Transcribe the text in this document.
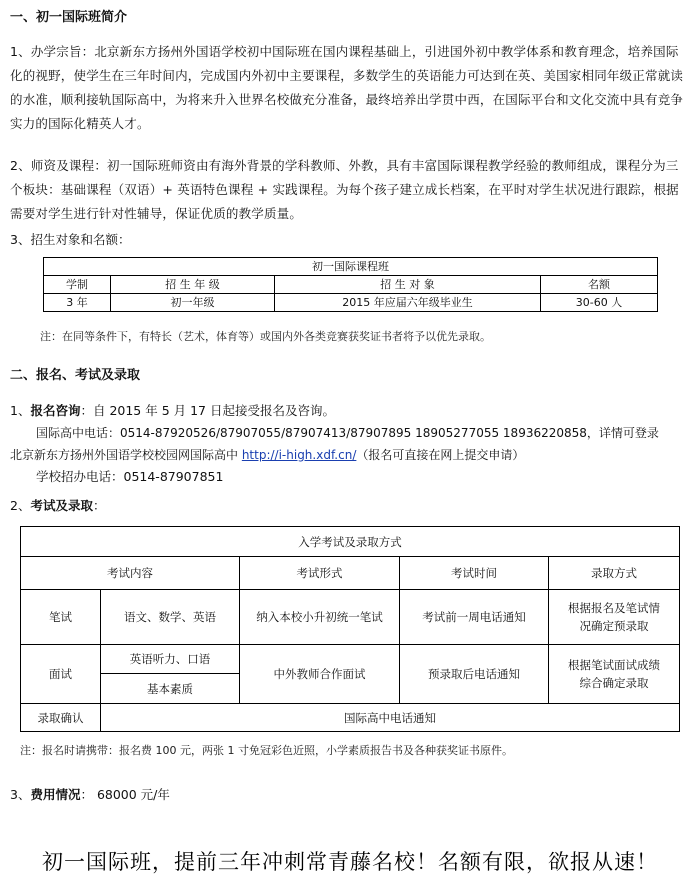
一、初一国际班简介
1、办学宗旨：北京新东方扬州外国语学校初中国际班在国内课程基础上，引进国外初中教学体系和教育理念，培养国际化的视野，使学生在三年时间内，完成国内外初中主要课程，多数学生的英语能力可达到在英、美国家相同年级正常就读的水准，顺利接轨国际高中，为将来升入世界名校做充分准备，最终培养出学贯中西，在国际平台和文化交流中具有竞争实力的国际化精英人才。
2、师资及课程：初一国际班师资由有海外背景的学科教师、外教，具有丰富国际课程教学经验的教师组成，课程分为三个板块：基础课程（双语）+ 英语特色课程 + 实践课程。为每个孩子建立成长档案，在平时对学生状况进行跟踪，根据需要对学生进行针对性辅导，保证优质的教学质量。
3、招生对象和名额：
初一国际课程班			
学制	招 生 年 级	招 生 对 象	名额
3 年	初一年级	2015 年应届六年级毕业生	30-60 人
注：在同等条件下，有特长（艺术，体育等）或国内外各类竞赛获奖证书者将予以优先录取。
二、报名、考试及录取
1、报名咨询：自 2015 年 5 月 17 日起接受报名及咨询。
国际高中电话：0514-87920526/87907055/87907413/87907895 18905277055 18936220858，详情可登录
北京新东方扬州外国语学校校园网国际高中 http://i-high.xdf.cn/（报名可直接在网上提交申请）
学校招办电话：0514-87907851
2、考试及录取：
入学考试及录取方式				
考试内容		考试形式	考试时间	录取方式
笔试	语文、数学、英语	纳入本校小升初统一笔试	考试前一周电话通知	根据报名及笔试情况确定预录取
面试	英语听力、口语	中外教师合作面试	预录取后电话通知	根据笔试面试成绩综合确定录取
	基本素质			
录取确认	国际高中电话通知			
注：报名时请携带：报名费 100 元，两张 1 寸免冠彩色近照，小学素质报告书及各种获奖证书原件。
3、费用情况： 68000 元/年
初一国际班，提前三年冲刺常青藤名校！名额有限，欲报从速！
